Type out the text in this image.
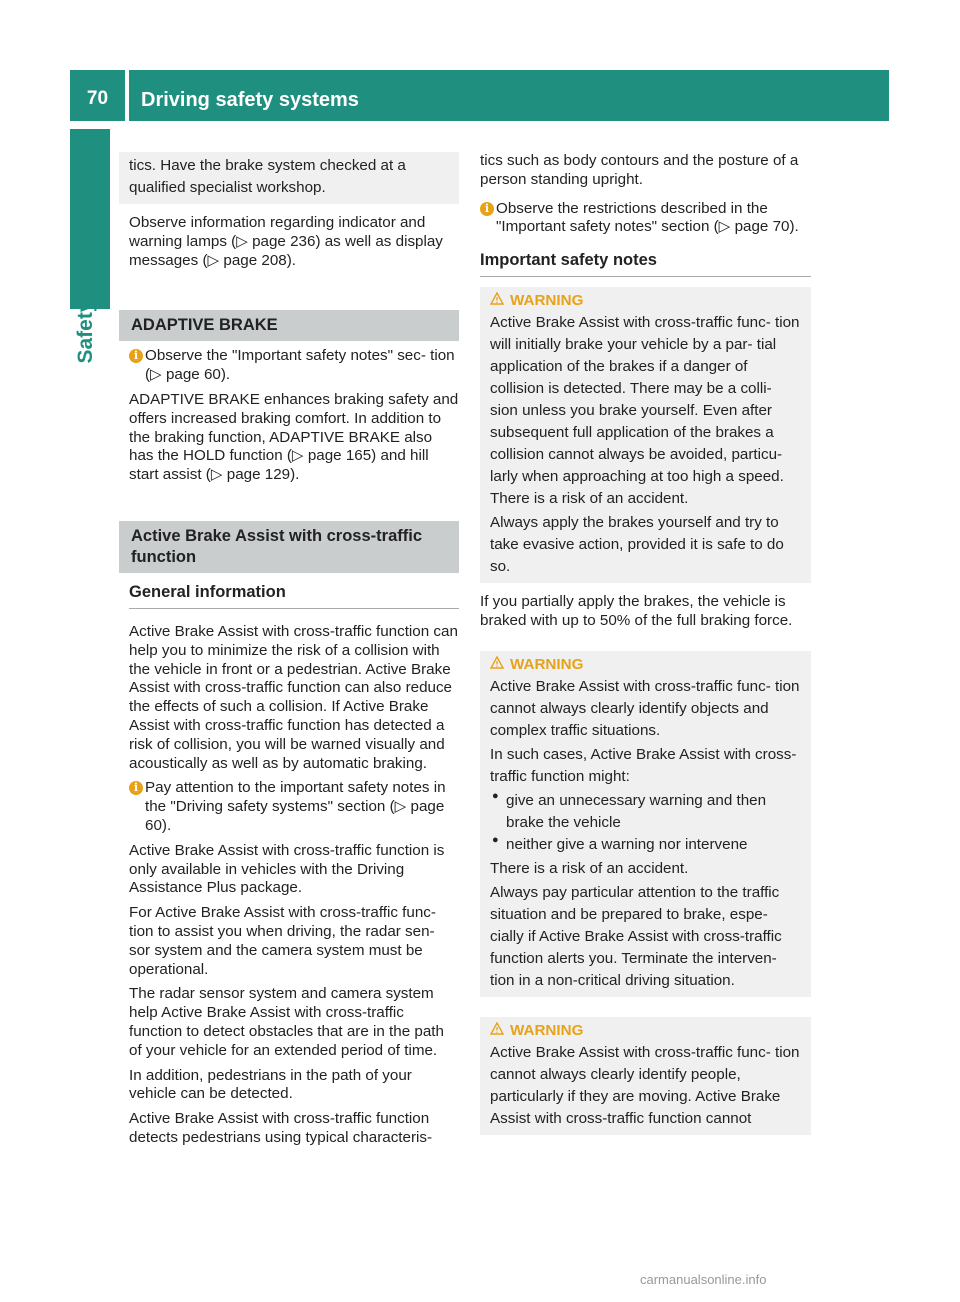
70	Driving safety systems
Safety

tics. Have the brake system checked at a

qualified specialist workshop.

Observe information regarding indicator and warning lamps (▷ page 236) as well as display messages (▷ page 208).

ADAPTIVE BRAKE
i Observe the "Important safety notes" sec- tion (▷ page 60).

ADAPTIVE BRAKE enhances braking safety and offers increased braking comfort. In addition to the braking function, ADAPTIVE BRAKE also has the HOLD function (▷ page 165) and hill start assist (▷ page 129).

Active Brake Assist with cross-traffic function
General information

Active Brake Assist with cross-traffic function can help you to minimize the risk of a collision with the vehicle in front or a pedestrian. Active Brake Assist with cross-traffic function can also reduce the effects of such a collision. If Active Brake Assist with cross-traffic function has detected a risk of collision, you will be warned visually and acoustically as well as by automatic braking.

i Pay attention to the important safety notes in the "Driving safety systems" section (▷ page 60).

Active Brake Assist with cross-traffic function is only available in vehicles with the Driving Assistance Plus package.

For Active Brake Assist with cross-traffic func- tion to assist you when driving, the radar sen- sor system and the camera system must be operational.

The radar sensor system and camera system help Active Brake Assist with cross-traffic function to detect obstacles that are in the path of your vehicle for an extended period of time.

In addition, pedestrians in the path of your vehicle can be detected.

Active Brake Assist with cross-traffic function detects pedestrians using typical characteris-

tics such as body contours and the posture of a person standing upright.

i Observe the restrictions described in the "Important safety notes" section (▷ page 70).

Important safety notes
WARNING

Active Brake Assist with cross-traffic func- tion will initially brake your vehicle by a par- tial application of the brakes if a danger of collision is detected. There may be a colli- sion unless you brake yourself. Even after subsequent full application of the brakes a collision cannot always be avoided, particu- larly when approaching at too high a speed. There is a risk of an accident.

Always apply the brakes yourself and try to take evasive action, provided it is safe to do so.

If you partially apply the brakes, the vehicle is braked with up to 50% of the full braking force.

WARNING

Active Brake Assist with cross-traffic func- tion cannot always clearly identify objects and complex traffic situations.

In such cases, Active Brake Assist with cross-traffic function might:

● give an unnecessary warning and then brake the vehicle

● neither give a warning nor intervene

There is a risk of an accident.

Always pay particular attention to the traffic situation and be prepared to brake, espe- cially if Active Brake Assist with cross-traffic function alerts you. Terminate the interven- tion in a non-critical driving situation.

WARNING

Active Brake Assist with cross-traffic func- tion cannot always clearly identify people, particularly if they are moving. Active Brake Assist with cross-traffic function cannot

carmanualsonline.info
